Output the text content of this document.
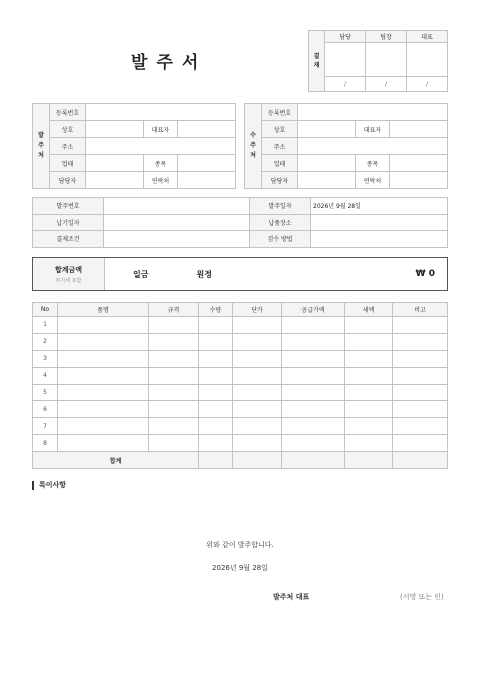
발 주 서	결
재	담당	팀장	대표

	/	/	/
발
주
처	등록번호			
	상호		대표자	
	주소			
	업태		종목	
	담당자		연락처	
수
주
처	등록번호			
	상호		대표자	
	주소			
	업태		종목	
	담당자		연락처	
발주번호		발주일자	2026년 9월 28일
납기일자		납품장소	
결제조건		검수 방법	
합계금액
부가세 포함
일금	원정	₩ 0
No	품명	규격	수량	단가	공급가액	세액	비고
1							
2							
3							
4							
5							
6							
7							
8							
합계							
특이사항
위와 같이 발주합니다.
2026년 9월 28일
발주처 대표	(서명 또는 인)
